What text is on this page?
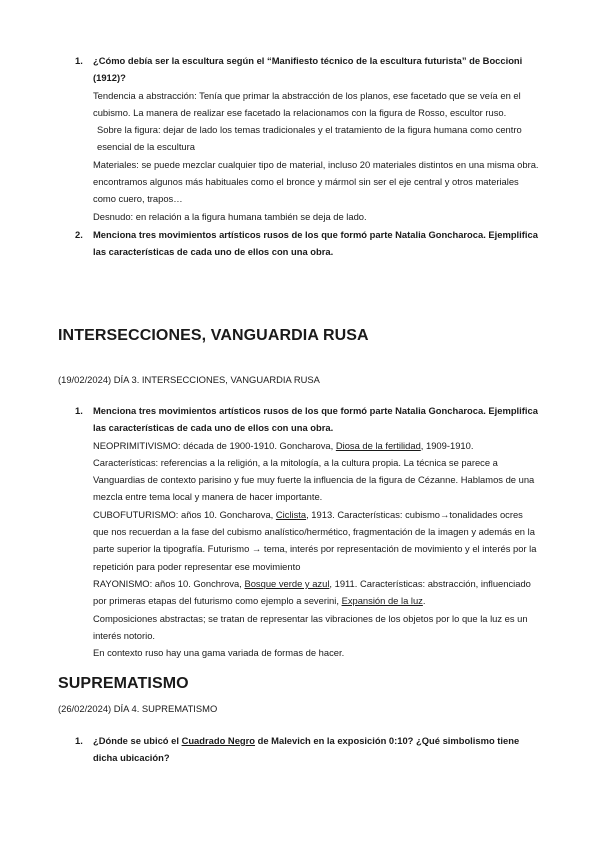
1. ¿Cómo debía ser la escultura según el “Manifiesto técnico de la escultura futurista” de Boccioni (1912)?

Tendencia a abstracción: Tenía que primar la abstracción de los planos, ese facetado que se veía en el cubismo. La manera de realizar ese facetado la relacionamos con la figura de Rosso, escultor ruso.

Sobre la figura: dejar de lado los temas tradicionales y el tratamiento de la figura humana como centro esencial de la escultura

Materiales: se puede mezclar cualquier tipo de material, incluso 20 materiales distintos en una misma obra. encontramos algunos más habituales como el bronce y mármol sin ser el eje central y otros materiales como cuero, trapos…

Desnudo: en relación a la figura humana también se deja de lado.

2. Menciona tres movimientos artísticos rusos de los que formó parte Natalia Goncharoca. Ejemplifica las características de cada uno de ellos con una obra.

INTERSECCIONES, VANGUARDIA RUSA

(19/02/2024) DÍA 3. INTERSECCIONES, VANGUARDIA RUSA

1. Menciona tres movimientos artísticos rusos de los que formó parte Natalia Goncharoca. Ejemplifica las características de cada uno de ellos con una obra.

NEOPRIMITIVISMO: década de 1900-1910. Goncharova, Diosa de la fertilidad, 1909-1910.

Características: referencias a la religión, a la mitología, a la cultura propia. La técnica se parece a Vanguardias de contexto parisino y fue muy fuerte la influencia de la figura de Cézanne. Hablamos de una mezcla entre tema local y manera de hacer importante.

CUBOFUTURISMO: años 10. Goncharova, Ciclista, 1913. Características: cubismo→tonalidades ocres que nos recuerdan a la fase del cubismo analístico/hermético, fragmentación de la imagen y además en la parte superior la tipografía. Futurismo → tema, interés por representación de movimiento y el interés por la repetición para poder representar ese movimiento

RAYONISMO: años 10. Gonchrova, Bosque verde y azul, 1911. Características: abstracción, influenciado por primeras etapas del futurismo como ejemplo a severini, Expansión de la luz.

Composiciones abstractas; se tratan de representar las vibraciones de los objetos por lo que la luz es un interés notorio.

En contexto ruso hay una gama variada de formas de hacer.

SUPREMATISMO

(26/02/2024) DÍA 4. SUPREMATISMO

1. ¿Dónde se ubicó el Cuadrado Negro de Malevich en la exposición 0:10? ¿Qué simbolismo tiene dicha ubicación?
